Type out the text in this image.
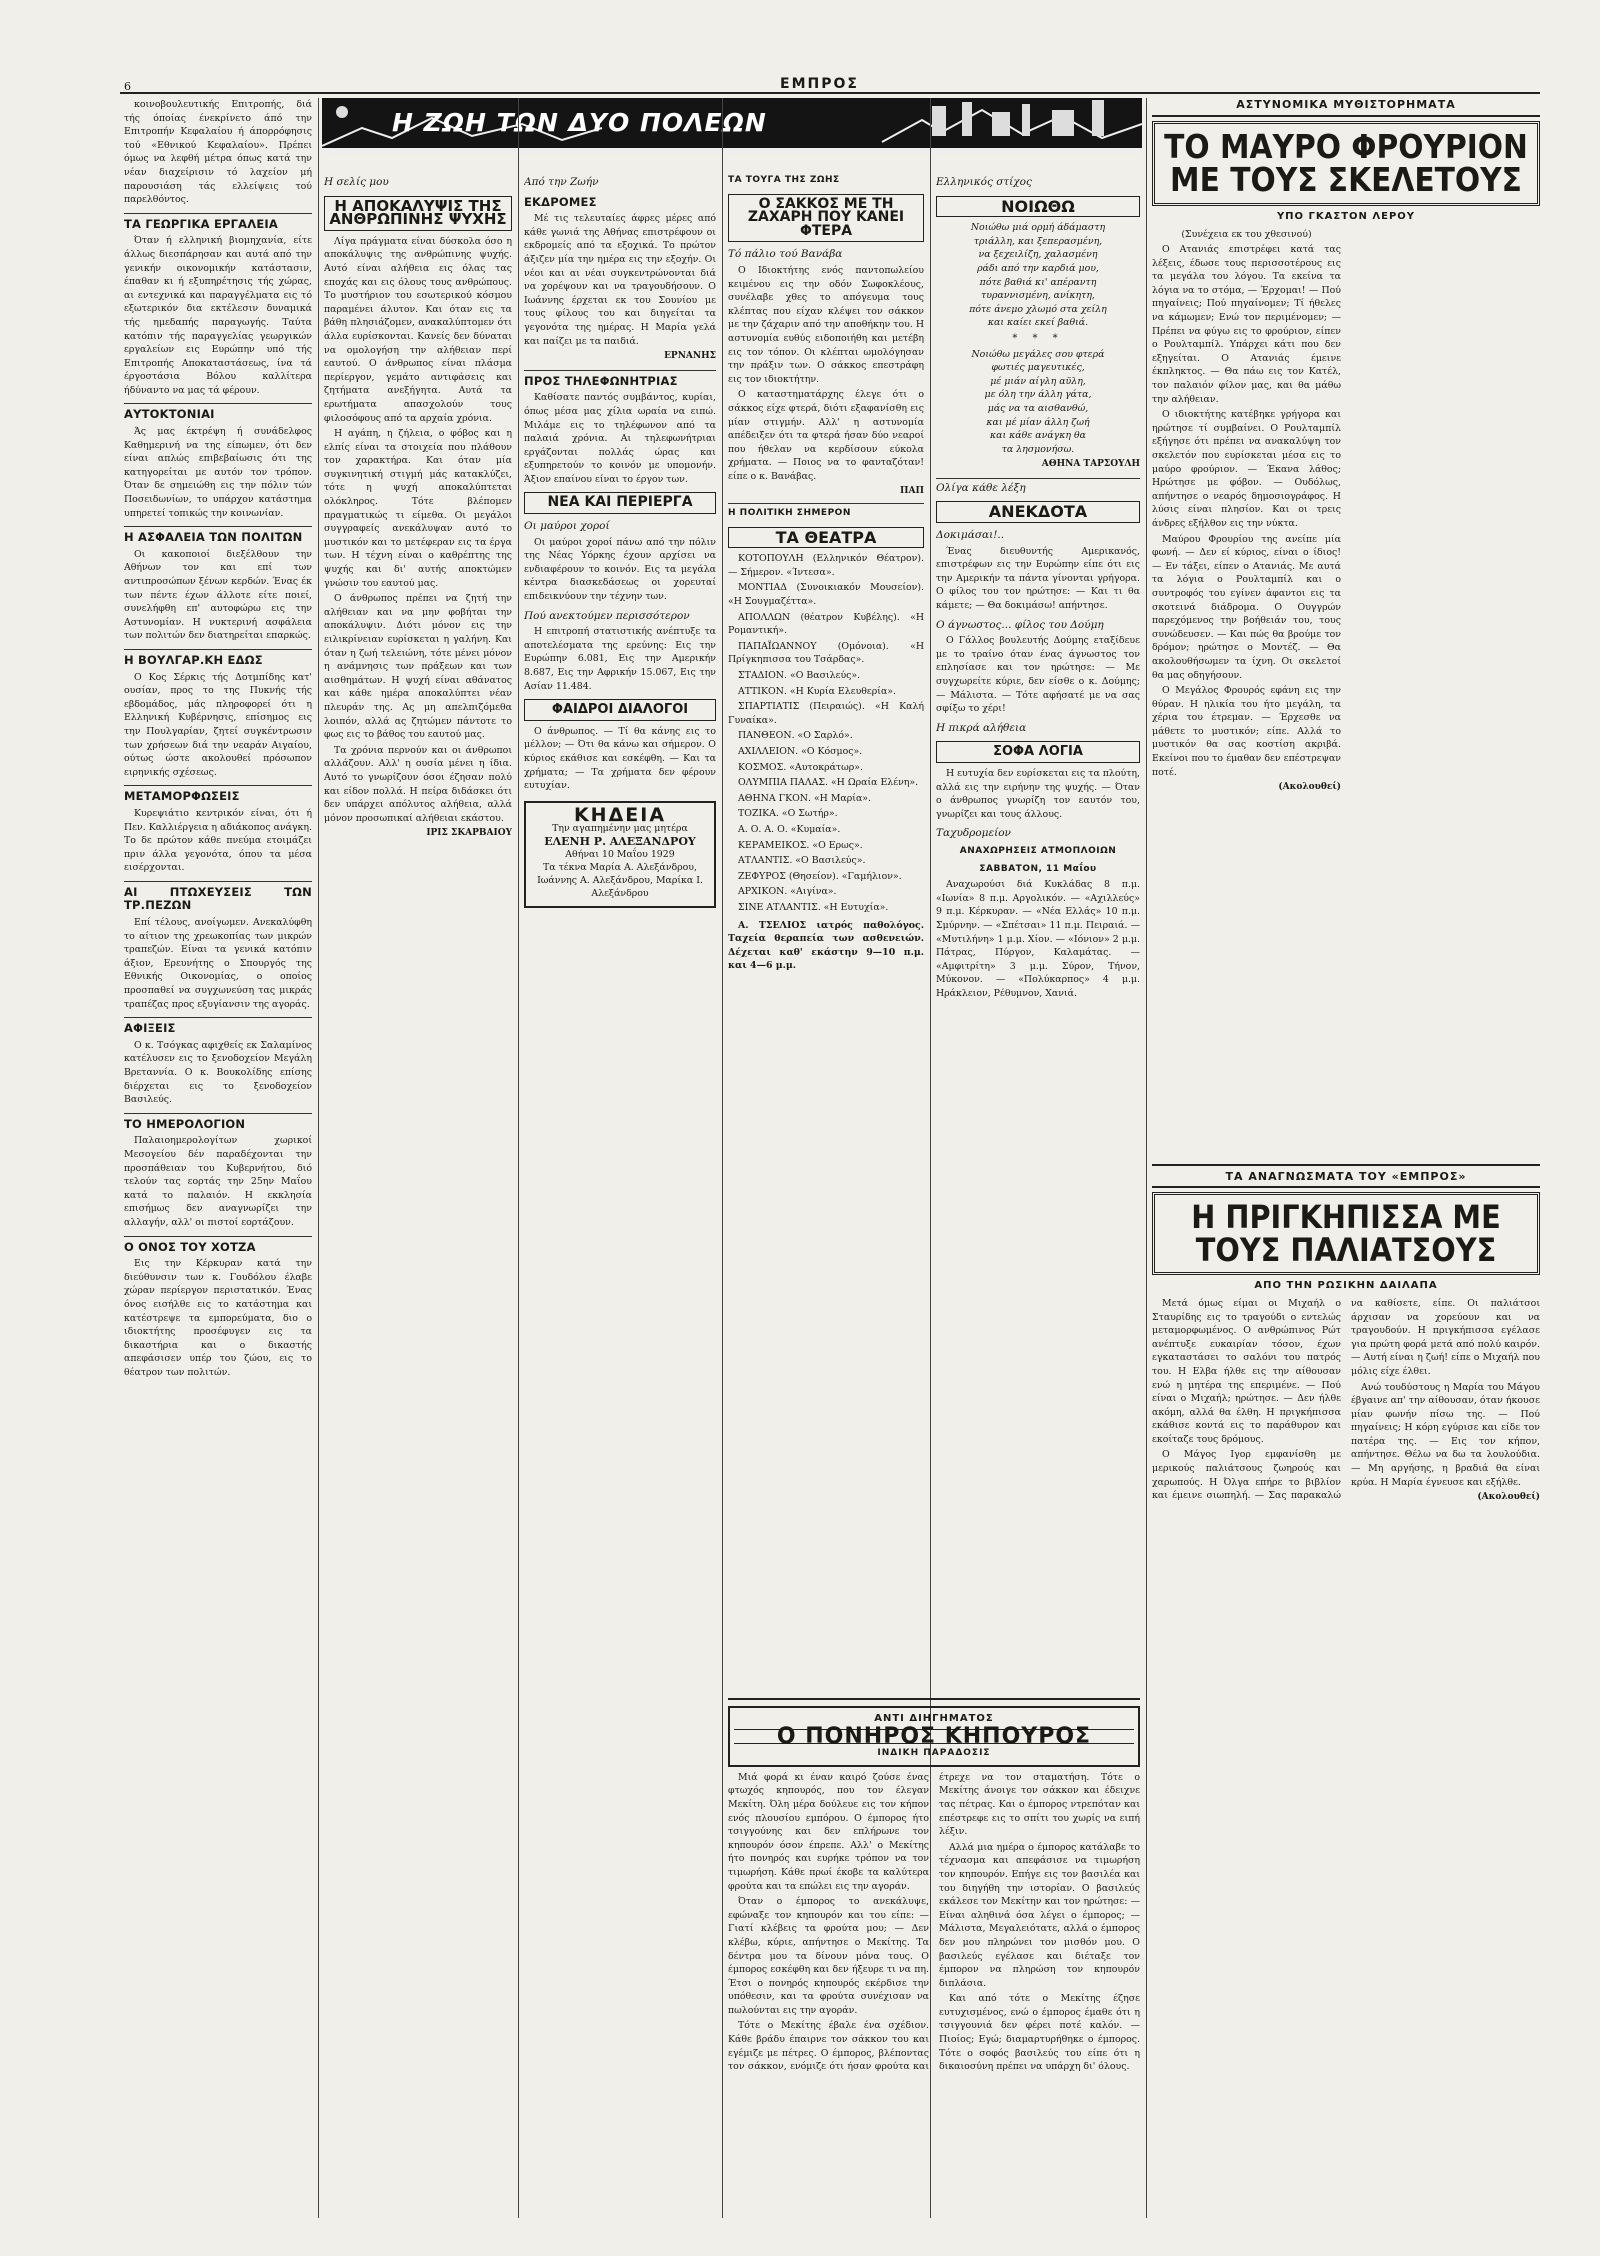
6	ΕΜΠΡΟΣ
Η ΖΩΗ ΤΩΝ ΔΥΟ ΠΟΛΕΩΝ

κοινοβουλευτικής Επιτροπής, διά τής όποίας ένεκρίνετο άπό την Επιτροπήν Κεφαλαίου ή άπορρόφησις τού «Εθνικού Κεφαλαίου». Πρέπει όμως να λεφθή μέτρα όπως κατά την νέαν διαχείρισιν τό λαχείον μή παρουσιάση τάς ελλείψεις τού παρελθόντος.

ΤΑ ΓΕΩΡΓΙΚΑ ΕΡΓΑΛΕΙΑ

Όταν ή ελληνική βιομηχανία, είτε άλλως διεσπάρησαν και αυτά από την γενικήν οικονομικήν κατάστασιν, έπαθαν κι ή εξυπηρέτησις τής χώρας, αι εντεχνικά και παραγγέλματα εις τό εξωτερικόν δια εκτέλεσιν δυναμικά τής ημεδαπής παραγωγής. Ταύτα κατόπιν τής παραγγελίας γεωργικών εργαλείων εις Ευρώπην υπό τής Επιτροπής Αποκαταστάσεως, ίνα τά έργοστάσια Βόλου καλλίτερα ήδύναντο να μας τά φέρουν.

ΑΥΤΟΚΤΟΝΙΑΙ

Άς μας έκτρέψη ή συνάδελφος Καθημερινή να της είπωμεν, ότι δεν είναι απλώς επιβεβαίωσις ότι της κατηγορείται με αυτόν τον τρόπον. Όταν δε σημειώθη εις την πόλιν τών Ποσειδωνίων, το υπάρχον κατάστημα υπηρετεί τοπικώς την κοινωνίαν.

Η ΑΣΦΑΛΕΙΑ ΤΩΝ ΠΟΛΙΤΩΝ

Οι κακοποιοί διεξέλθουν την Αθήνων τον και επί των αντιπροσώπων ξένων κερδών. Ένας έκ των πέντε έχων άλλοτε είτε ποιεί, συνελήφθη επ' αυτοφώρω εις την Αστυνομίαν. Η νυκτερινή ασφάλεια των πολιτών δεν διατηρείται επαρκώς.

Η ΒΟΥΛΓΑΡ.ΚΗ ΕΔΩΣ

Ο Κος Σέρκις τής Δοτμπίδης κατ' ουσίαν, προς το της Πυκνής τής εβδομάδος, μάς πληροφορεί ότι η Ελληνική Κυβέρνησις, επίσημος εις την Πουλγαρίαν, ζητεί συγκέντρωσιν των χρήσεων διά την νεαράν Αιγαίου, ούτως ώστε ακολουθεί πρόσωπον ειρηνικής σχέσεως.

ΜΕΤΑΜΟΡΦΩΣΕΙΣ

Κυρεψιάτιο κεντρικόν είναι, ότι ή Πεν. Καλλιέργεια η αδιάκοπος ανάγκη. Το δε πρώτον κάθε πνεύμα ετοιμάζει πριν άλλα γεγονότα, όπου τα μέσα εισέρχονται.

ΑΙ ΠΤΩΧΕΥΣΕΙΣ ΤΩΝ ΤΡ.ΠΕΖΩΝ

Επί τέλους, ανοίγωμεν. Ανεκαλύφθη το αίτιον της χρεωκοπίας των μικρών τραπεζών. Είναι τα γενικά κατόπιν άξιον, Ερευνήτης ο Σπουργός της Εθνικής Οικονομίας, ο οποίος προσπαθεί να συγχωνεύση τας μικράς τραπέζας προς εξυγίανσιν της αγοράς.

ΑΦΙΞΕΙΣ

Ο κ. Τσόγκας αφιχθείς εκ Σαλαμίνος κατέλυσεν εις το ξενοδοχείον Μεγάλη Βρεταννία. Ο κ. Βουκολίδης επίσης διέρχεται εις το ξενοδοχείον Βασιλεύς.

ΤΟ ΗΜΕΡΟΛΟΓΙΟΝ

Παλαιοημερολογίτων χωρικοί Μεσογείου δέν παραδέχονται την προσπάθειαν του Κυβερνήτου, διό τελούν τας εορτάς την 25ην Μαΐου κατά το παλαιόν. Η εκκλησία επισήμως δεν αναγνωρίζει την αλλαγήν, αλλ' οι πιστοί εορτάζουν.

Ο ΟΝΟΣ ΤΟΥ ΧΟΤΖΑ

Εις την Κέρκυραν κατά την διεύθυνσιν των κ. Γουδόλου έλαβε χώραν περίεργον περιστατικόν. Ένας όνος εισήλθε εις το κατάστημα και κατέστρεψε τα εμπορεύματα, διο ο ιδιοκτήτης προσέφυγεν εις τα δικαστήρια και ο δικαστής απεφάσισεν υπέρ του ζώου, εις το θέατρον των πολιτών.

Η σελίς μου
Η ΑΠΟΚΑΛΥΨΙΣ ΤΗΣ ΑΝΘΡΩΠΙΝΗΣ ΨΥΧΗΣ

Λίγα πράγματα είναι δύσκολα όσο η αποκάλυψις της ανθρώπινης ψυχής. Αυτό είναι αλήθεια εις όλας τας εποχάς και εις όλους τους ανθρώπους. Το μυστήριον του εσωτερικού κόσμου παραμένει άλυτον. Και όταν εις τα βάθη πλησιάζομεν, ανακαλύπτομεν ότι άλλα ευρίσκονται. Κανείς δεν δύναται να ομολογήση την αλήθειαν περί εαυτού. Ο άνθρωπος είναι πλάσμα περίεργον, γεμάτο αντιφάσεις και ζητήματα ανεξήγητα. Αυτά τα ερωτήματα απασχολούν τους φιλοσόφους από τα αρχαία χρόνια.

Η αγάπη, η ζήλεια, ο φόβος και η ελπίς είναι τα στοιχεία που πλάθουν τον χαρακτήρα. Και όταν μία συγκινητική στιγμή μάς κατακλύζει, τότε η ψυχή αποκαλύπτεται ολόκληρος. Τότε βλέπομεν πραγματικώς τι είμεθα. Οι μεγάλοι συγγραφείς ανεκάλυψαν αυτό το μυστικόν και το μετέφεραν εις τα έργα των. Η τέχνη είναι ο καθρέπτης της ψυχής και δι' αυτής αποκτώμεν γνώσιν του εαυτού μας.

Ο άνθρωπος πρέπει να ζητή την αλήθειαν και να μην φοβήται την αποκάλυψιν. Διότι μόνον εις την ειλικρίνειαν ευρίσκεται η γαλήνη. Και όταν η ζωή τελειώνη, τότε μένει μόνον η ανάμνησις των πράξεων και των αισθημάτων. Η ψυχή είναι αθάνατος και κάθε ημέρα αποκαλύπτει νέαν πλευράν της. Ας μη απελπιζόμεθα λοιπόν, αλλά ας ζητώμεν πάντοτε το φως εις το βάθος του εαυτού μας.

Τα χρόνια περνούν και οι άνθρωποι αλλάζουν. Αλλ' η ουσία μένει η ίδια. Αυτό το γνωρίζουν όσοι έζησαν πολύ και είδον πολλά. Η πείρα διδάσκει ότι δεν υπάρχει απόλυτος αλήθεια, αλλά μόνον προσωπικαί αλήθειαι εκάστου.

ΙΡΙΣ ΣΚΑΡΒΑΙΟΥ
Από την Ζωήν
ΕΚΔΡΟΜΕΣ

Μέ τις τελευταίες άφρες μέρες από κάθε γωνιά της Αθήνας επιστρέφουν οι εκδρομείς από τα εξοχικά. Το πρώτον άξιζεν μία την ημέρα εις την εξοχήν. Οι νέοι και αι νέαι συγκεντρώνονται διά να χορέψουν και να τραγουδήσουν. Ο Ιωάννης έρχεται εκ του Σουνίου με τους φίλους του και διηγείται τα γεγονότα της ημέρας. Η Μαρία γελά και παίζει με τα παιδιά.

ΕΡΝΑΝΗΣ
ΠΡΟΣ ΤΗΛΕΦΩΝΗΤΡΙΑΣ

Καθίσατε παντός συμβάντος, κυρίαι, όπως μέσα μας χίλια ωραία να ειπώ. Μιλάμε εις το τηλέφωνον από τα παλαιά χρόνια. Αι τηλεφωνήτριαι εργάζονται πολλάς ώρας και εξυπηρετούν το κοινόν με υπομονήν. Άξιον επαίνου είναι το έργον των.

ΝΕΑ ΚΑΙ ΠΕΡΙΕΡΓΑ
Οι μαύροι χοροί

Οι μαύροι χοροί πάνω από την πόλιν της Νέας Υόρκης έχουν αρχίσει να ενδιαφέρουν το κοινόν. Εις τα μεγάλα κέντρα διασκεδάσεως οι χορευταί επιδεικνύουν την τέχνην των.

Πού ανεκτούμεν περισσότερον

Η επιτροπή στατιστικής ανέπτυξε τα αποτελέσματα της ερεύνης: Εις την Ευρώπην 6.081, Εις την Αμερικήν 8.687, Εις την Αφρικήν 15.067, Εις την Ασίαν 11.484.

ΦΑΙΔΡΟΙ ΔΙΑΛΟΓΟΙ

Ο άνθρωπος. — Τί θα κάνης εις το μέλλον; — Ότι θα κάνω και σήμερον. Ο κύριος εκάθισε και εσκέφθη. — Και τα χρήματα; — Τα χρήματα δεν φέρουν ευτυχίαν.

ΚΗΔΕΙΑ
Την αγαπημένην μας μητέρα
ΕΛΕΝΗ Ρ. ΑΛΕΞΑΝΔΡΟΥ
Αθήναι 10 Μαΐου 1929
Τα τέκνα Μαρία Α. Αλεξάνδρου, Ιωάννης Α. Αλεξάνδρου, Μαρίκα Ι. Αλεξάνδρου
ΤΑ ΤΟΥΓΑ ΤΗΣ ΖΩΗΣ
Ο ΣΑΚΚΟΣ ΜΕ ΤΗ ΖΑΧΑΡΗ ΠΟΥ ΚΑΝΕΙ ΦΤΕΡΑ
Τό πάλιο τού Βανάβα

Ο Ιδιοκτήτης ενός παντοπωλείου κειμένου εις την οδόν Σωφοκλέους, συνέλαβε χθες το απόγευμα τους κλέπτας που είχαν κλέψει τον σάκκον με την ζάχαριν από την αποθήκην του. Η αστυνομία ευθύς ειδοποιήθη και μετέβη εις τον τόπον. Οι κλέπται ωμολόγησαν την πράξιν των. Ο σάκκος επεστράφη εις τον ιδιοκτήτην.

Ο καταστηματάρχης έλεγε ότι ο σάκκος είχε φτερά, διότι εξαφανίσθη εις μίαν στιγμήν. Αλλ' η αστυνομία απέδειξεν ότι τα φτερά ήσαν δύο νεαροί που ήθελαν να κερδίσουν εύκολα χρήματα. — Ποιος να το φανταζόταν! είπε ο κ. Βανάβας.

ΠΑΠ
Η ΠΟΛΙΤΙΚΗ ΣΗΜΕΡΟΝ
ΤΑ ΘΕΑΤΡΑ

ΚΟΤΟΠΟΥΛΗ (Ελληνικόν Θέατρον). — Σήμερον. «Ίντεσα».

ΜΟΝΤΙΑΔ (Συνοικιακόν Μουσείον). «Η Σουγμαζέττα».

ΑΠΟΛΛΩΝ (θέατρον Κυβέλης). «Η Ρομαντική».

ΠΑΠΑΪΩΑΝΝΟΥ (Ομόνοια). «Η Πρίγκηπισσα του Τσάρδας».

ΣΤΑΔΙΟΝ. «Ο Βασιλεύς».

ΑΤΤΙΚΟΝ. «Η Κυρία Ελευθερία».

ΣΠΑΡΤΙΑΤΙΣ (Πειραιώς). «Η Καλή Γυναίκα».

ΠΑΝΘΕΟΝ. «Ο Σαρλό».

ΑΧΙΛΛΕΙΟΝ. «Ο Κόσμος».

ΚΟΣΜΟΣ. «Αυτοκράτωρ».

ΟΛΥΜΠΙΑ ΠΑΛΑΣ. «Η Ωραία Ελένη».

ΑΘΗΝΑ ΓΚΟΝ. «Η Μαρία».

ΤΟΖΙΚΑ. «Ο Σωτήρ».

Α. Ο. Α. Ο. «Κυμαία».

ΚΕΡΑΜΕΙΚΟΣ. «Ο Ερως».

ΑΤΛΑΝΤΙΣ. «Ο Βασιλεύς».

ΖΕΦΥΡΟΣ (Θησείον). «Γαμήλιον».

ΑΡΧΙΚΟΝ. «Αιγίνα».

ΣΙΝΕ ΑΤΛΑΝΤΙΣ. «Η Ευτυχία».

Α. ΤΣΕΛΙΟΣ ιατρός παθολόγος. Ταχεία θεραπεία των ασθενειών. Δέχεται καθ' εκάστην 9—10 π.μ. και 4—6 μ.μ.

Ελληνικός στίχος
ΝΟΙΩΘΩ
Νοιώθω μιά ορμή άδάμαστη
τριάλλη, και ξεπερασμένη,
να ξεχειλίζη, χαλασμένη
ράδι από την καρδιά μου,
πότε βαθιά κι' απέραντη
τυραννισμένη, ανίκητη,
πότε άνεμο χλωμό στα χείλη
και καίει εκεί βαθιά.
* * *
Νοιώθω μεγάλες σου φτερά
φωτιές μαγευτικές,
μέ μιάν αίγλη αϋλη,
με όλη την άλλη γάτα,
μάς να τα αισθανθώ,
και μέ μίαν άλλη ζωή
και κάθε ανάγκη θα
τα λησμονήσω.
ΑΘΗΝΑ ΤΑΡΣΟΥΛΗ
Ολίγα κάθε λέξη
ΑΝΕΚΔΟΤΑ
Δοκιμάσαι!..

Ένας διευθυντής Αμερικανός, επιστρέφων εις την Ευρώπην είπε ότι εις την Αμερικήν τα πάντα γίνονται γρήγορα. Ο φίλος του τον ηρώτησε: — Και τι θα κάμετε; — Θα δοκιμάσω! απήντησε.

Ο άγνωστος... φίλος του Δούμη

Ο Γάλλος βουλευτής Δούμης εταξίδευε με το τραίνο όταν ένας άγνωστος τον επλησίασε και τον ηρώτησε: — Με συγχωρείτε κύριε, δεν είσθε ο κ. Δούμης; — Μάλιστα. — Τότε αφήσατέ με να σας σφίξω το χέρι!

Η πικρά αλήθεια
ΣΟΦΑ ΛΟΓΙΑ

Η ευτυχία δεν ευρίσκεται εις τα πλούτη, αλλά εις την ειρήνην της ψυχής. — Όταν ο άνθρωπος γνωρίζη τον εαυτόν του, γνωρίζει και τους άλλους.

Ταχυδρομείον
ΑΝΑΧΩΡΗΣΕΙΣ ΑΤΜΟΠΛΟΙΩΝ
ΣΑΒΒΑΤΟΝ, 11 Μαΐου

Αναχωρούσι διά Κυκλάδας 8 π.μ. «Ιωνία» 8 π.μ. Αργολικόν. — «Αχιλλεύς» 9 π.μ. Κέρκυραν. — «Νέα Ελλάς» 10 π.μ. Σμύρνην. — «Σπέτσαι» 11 π.μ. Πειραιά. — «Μυτιλήνη» 1 μ.μ. Χίον. — «Ιόνιον» 2 μ.μ. Πάτρας, Πύργον, Καλαμάτας. — «Αμφιτρίτη» 3 μ.μ. Σύρον, Τήνον, Μύκονον. — «Πολύκαρπος» 4 μ.μ. Ηράκλειον, Ρέθυμνον, Χανιά.

ΑΝΤΙ ΔΙΗΓΗΜΑΤΟΣ
Ο ΠΟΝΗΡΟΣ ΚΗΠΟΥΡΟΣ
ΙΝΔΙΚΗ ΠΑΡΑΔΟΣΙΣ

Μιά φορά κι έναν καιρό ζούσε ένας φτωχός κηπουρός, που τον έλεγαν Μεκίτη. Όλη μέρα δούλευε εις τον κήπον ενός πλουσίου εμπόρου. Ο έμπορος ήτο τσιγγούνης και δεν επλήρωνε τον κηπουρόν όσον έπρεπε. Αλλ' ο Μεκίτης ήτο πονηρός και ευρήκε τρόπον να τον τιμωρήση. Κάθε πρωί έκοβε τα καλύτερα φρούτα και τα επώλει εις την αγοράν.

Όταν ο έμπορος το ανεκάλυψε, εφώναξε τον κηπουρόν και του είπε: — Γιατί κλέβεις τα φρούτα μου; — Δεν κλέβω, κύριε, απήντησε ο Μεκίτης. Τα δέντρα μου τα δίνουν μόνα τους. Ο έμπορος εσκέφθη και δεν ήξευρε τι να πη. Έτσι ο πονηρός κηπουρός εκέρδισε την υπόθεσιν, και τα φρούτα συνέχισαν να πωλούνται εις την αγοράν.

Τότε ο Μεκίτης έβαλε ένα σχέδιον. Κάθε βράδυ έπαιρνε τον σάκκον του και εγέμιζε με πέτρες. Ο έμπορος, βλέποντας τον σάκκον, ενόμιζε ότι ήσαν φρούτα και έτρεχε να τον σταματήση. Τότε ο Μεκίτης άνοιγε τον σάκκον και έδειχνε τας πέτρας. Και ο έμπορος ντρεπόταν και επέστρεφε εις το σπίτι του χωρίς να ειπή λέξιν.

Αλλά μια ημέρα ο έμπορος κατάλαβε το τέχνασμα και απεφάσισε να τιμωρήση τον κηπουρόν. Επήγε εις τον βασιλέα και του διηγήθη την ιστορίαν. Ο βασιλεύς εκάλεσε τον Μεκίτην και τον ηρώτησε: — Είναι αληθινά όσα λέγει ο έμπορος; — Μάλιστα, Μεγαλειότατε, αλλά ο έμπορος δεν μου πληρώνει τον μισθόν μου. Ο βασιλεύς εγέλασε και διέταξε τον έμπορον να πληρώση τον κηπουρόν διπλάσια.

Και από τότε ο Μεκίτης έζησε ευτυχισμένος, ενώ ο έμπορος έμαθε ότι η τσιγγουνιά δεν φέρει ποτέ καλόν. — Πιοίος; Εγώ; διαμαρτυρήθηκε ο έμπορος. Τότε ο σοφός βασιλεύς του είπε ότι η δικαιοσύνη πρέπει να υπάρχη δι' όλους.

ΑΣΤΥΝΟΜΙΚΑ ΜΥΘΙΣΤΟΡΗΜΑΤΑ
ΤΟ ΜΑΥΡΟ ΦΡΟΥΡΙΟΝ ΜΕ ΤΟΥΣ ΣΚΕΛΕΤΟΥΣ
ΥΠΟ ΓΚΑΣΤΟΝ ΛΕΡΟΥ

(Συνέχεια εκ του χθεσινού)

Ο Ατανιάς επιστρέφει κατά τας λέξεις, έδωσε τους περισσοτέρους εις τα μεγάλα του λόγου. Τα εκείνα τα λόγια να το στόμα, — Έρχομαι! — Πού πηγαίνεις; Πού πηγαίνομεν; Τί ήθελες να κάμωμεν; Ενώ τον περιμένομεν; — Πρέπει να φύγω εις το φρούριον, είπεν ο Ρουλταμπίλ. Υπάρχει κάτι που δεν εξηγείται. Ο Ατανιάς έμεινε έκπληκτος. — Θα πάω εις τον Κατέλ, τον παλαιόν φίλον μας, και θα μάθω την αλήθειαν.

Ο ιδιοκτήτης κατέβηκε γρήγορα και ηρώτησε τί συμβαίνει. Ο Ρουλταμπίλ εξήγησε ότι πρέπει να ανακαλύψη τον σκελετόν που ευρίσκεται μέσα εις το μαύρο φρούριον. — Έκανα λάθος; Ηρώτησε με φόβον. — Ουδόλως, απήντησε ο νεαρός δημοσιογράφος. Η λύσις είναι πλησίον. Και οι τρεις άνδρες εξήλθον εις την νύκτα.

Μαύρου Φρουρίου της ανείπε μία φωνή. — Δεν εί κύριος, είναι ο ίδιος! — Εν τάξει, είπεν ο Ατανιάς. Με αυτά τα λόγια ο Ρουλταμπίλ και ο συντροφός του εγίνεν άφαντοι εις τα σκοτεινά διάδρομα. Ο Ουγγρών παρεχόμενος την βοήθειάν του, τους συνώδευσεν. — Και πώς θα βρούμε τον δρόμον; ηρώτησε ο Μοντέζ. — Θα ακολουθήσωμεν τα ίχνη. Οι σκελετοί θα μας οδηγήσουν.

Ο Μεγάλος Φρουρός εφάνη εις την θύραν. Η ηλικία του ήτο μεγάλη, τα χέρια του έτρεμαν. — Έρχεσθε να μάθετε το μυστικόν; είπε. Αλλά το μυστικόν θα σας κοστίση ακριβά. Εκείνοι που το έμαθαν δεν επέστρεψαν ποτέ.

(Ακολουθεί)
ΤΑ ΑΝΑΓΝΩΣΜΑΤΑ ΤΟΥ «ΕΜΠΡΟΣ»
Η ΠΡΙΓΚΗΠΙΣΣΑ ΜΕ ΤΟΥΣ ΠΑΛΙΑΤΣΟΥΣ
ΑΠΟ ΤΗΝ ΡΩΣΙΚΗΝ ΔΑΙΛΑΠΑ

Μετά όμως είμαι οι Μιχαήλ ο Σταυρίδης εις το τραγούδι ο εντελώς μεταμορφωμένος. Ο ανθρώπινος Ρώτ ανέπτυξε ευκαιρίαν τόσον, έχων εγκαταστάσει το σαλόνι του πατρός του. Η Ελβα ήλθε εις την αίθουσαν ενώ η μητέρα της επεριμένε. — Πού είναι ο Μιχαήλ; ηρώτησε. — Δεν ήλθε ακόμη, αλλά θα έλθη. Η πριγκήπισσα εκάθισε κοντά εις το παράθυρον και εκοίταζε τους δρόμους.

Ο Μάγος Ιγορ εμφανίσθη με μερικούς παλιάτσους ζωηρούς και χαρωπούς. Η Όλγα επήρε το βιβλίον και έμεινε σιωπηλή. — Σας παρακαλώ να καθίσετε, είπε. Οι παλιάτσοι άρχισαν να χορεύουν και να τραγουδούν. Η πριγκήπισσα εγέλασε για πρώτη φορά μετά από πολύ καιρόν. — Αυτή είναι η ζωή! είπε ο Μιχαήλ που μόλις είχε έλθει.

Ανώ τουδύστους η Μαρία του Μάγου έβγαινε απ' την αίθουσαν, όταν ήκουσε μίαν φωνήν πίσω της. — Πού πηγαίνεις; Η κόρη εγύρισε και είδε τον πατέρα της. — Εις τον κήπον, απήντησε. Θέλω να δω τα λουλούδια. — Μη αργήσης, η βραδιά θα είναι κρύα. Η Μαρία έγνευσε και εξήλθε.

(Ακολουθεί)
